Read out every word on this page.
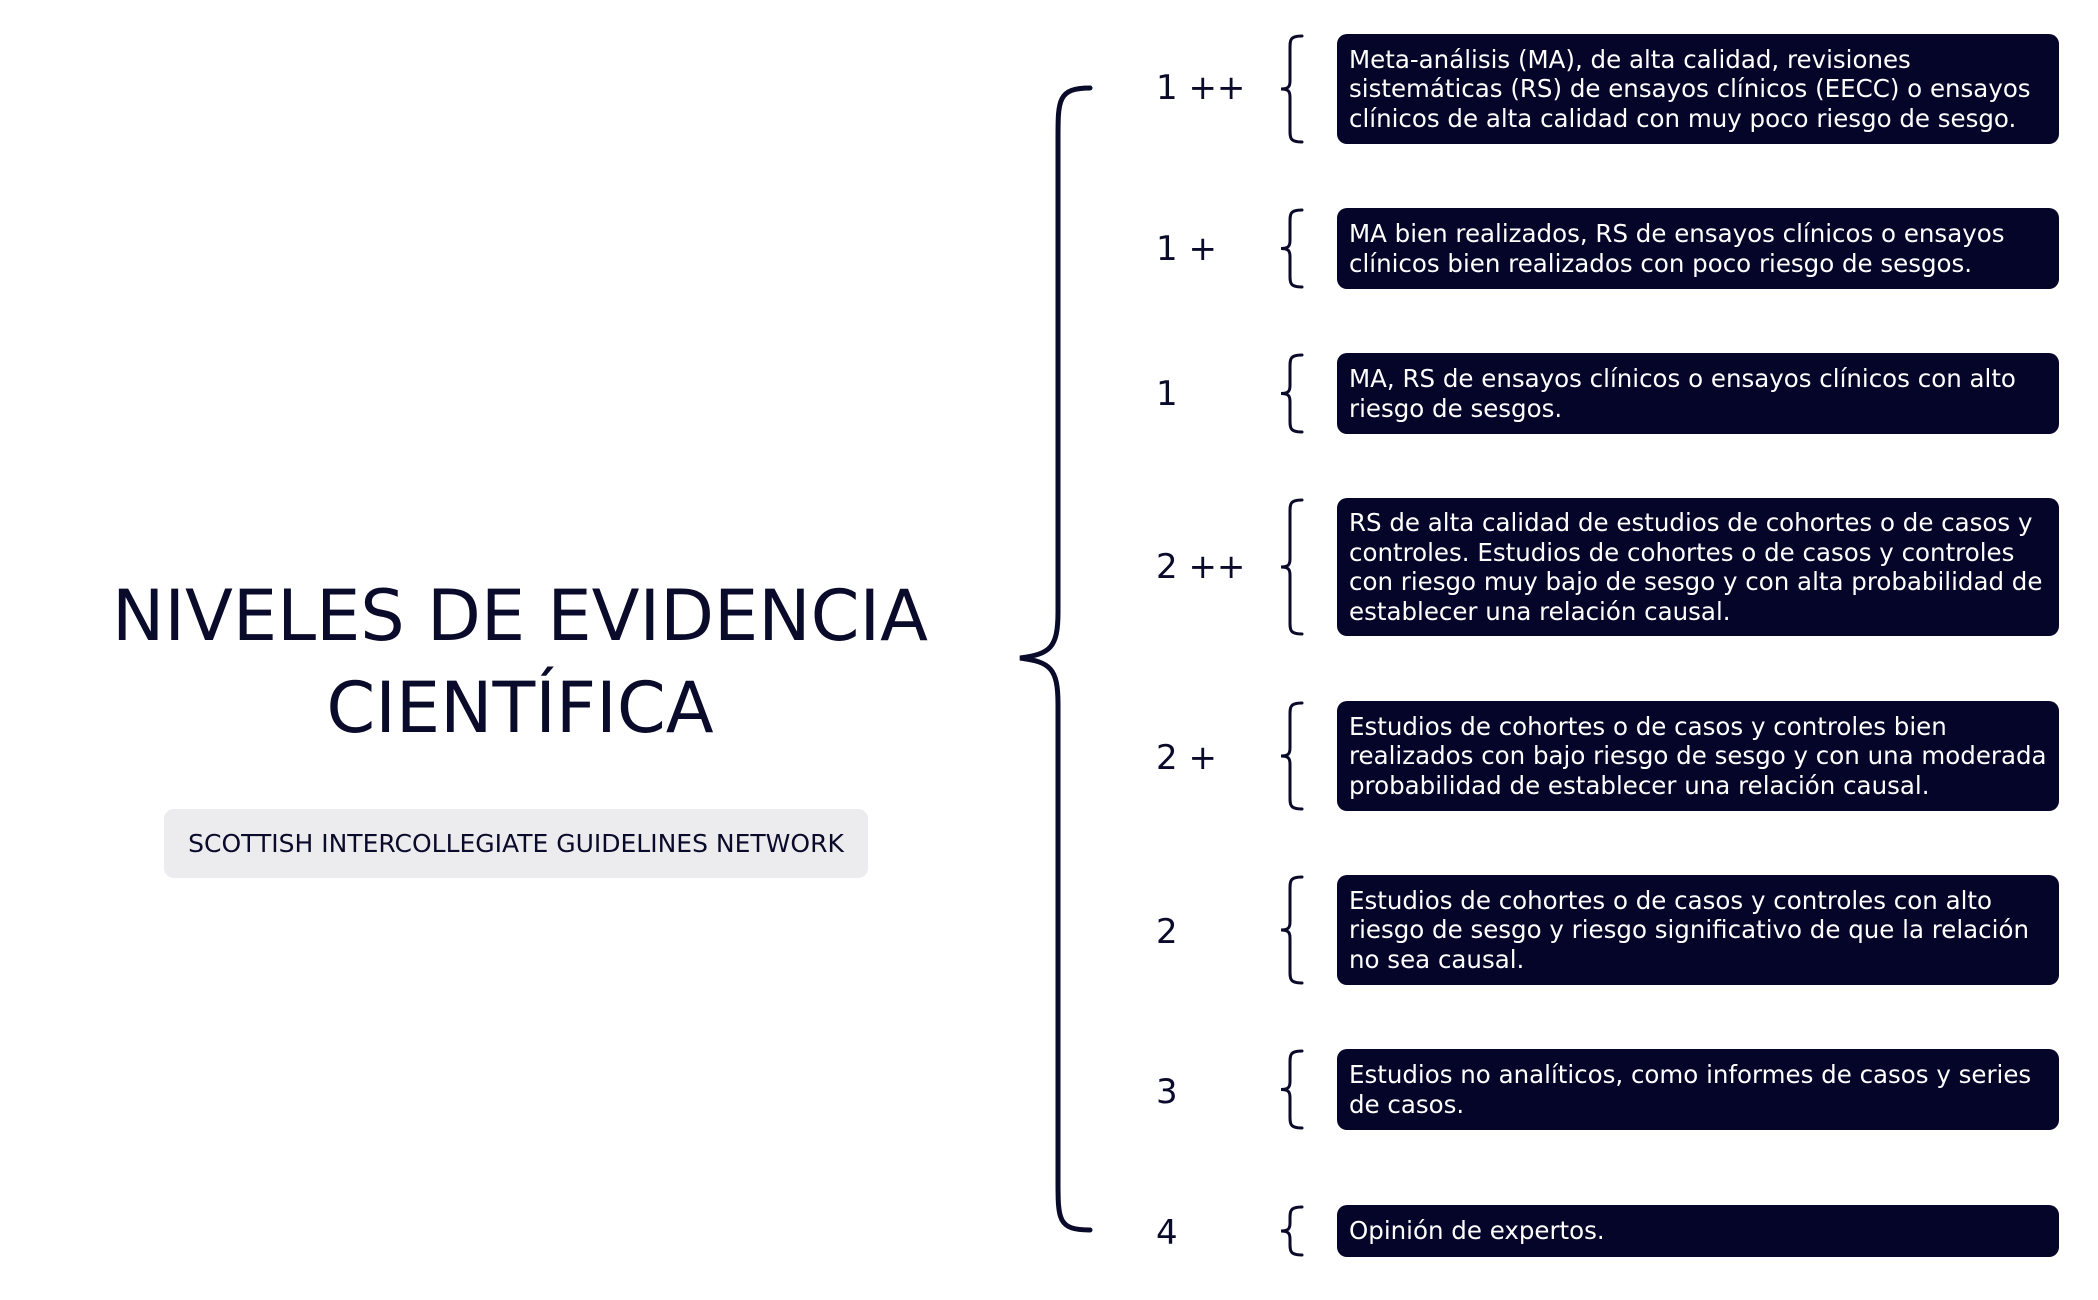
NIVELES DE EVIDENCIA
CIENTÍFICA
SCOTTISH INTERCOLLEGIATE GUIDELINES NETWORK
1 ++
1 +
1
2 ++
2 +
2
3
4
Meta-análisis (MA), de alta calidad, revisiones sistemáticas (RS) de ensayos clínicos (EECC) o ensayos clínicos de alta calidad con muy poco riesgo de sesgo.
MA bien realizados, RS de ensayos clínicos o ensayos clínicos bien realizados con poco riesgo de sesgos.
MA, RS de ensayos clínicos o ensayos clínicos con alto riesgo de sesgos.
RS de alta calidad de estudios de cohortes o de casos y controles. Estudios de cohortes o de casos y controles con riesgo muy bajo de sesgo y con alta probabilidad de establecer una relación causal.
Estudios de cohortes o de casos y controles bien realizados con bajo riesgo de sesgo y con una moderada probabilidad de establecer una relación causal.
Estudios de cohortes o de casos y controles con alto riesgo de sesgo y riesgo significativo de que la relación no sea causal.
Estudios no analíticos, como informes de casos y series de casos.
Opinión de expertos.
